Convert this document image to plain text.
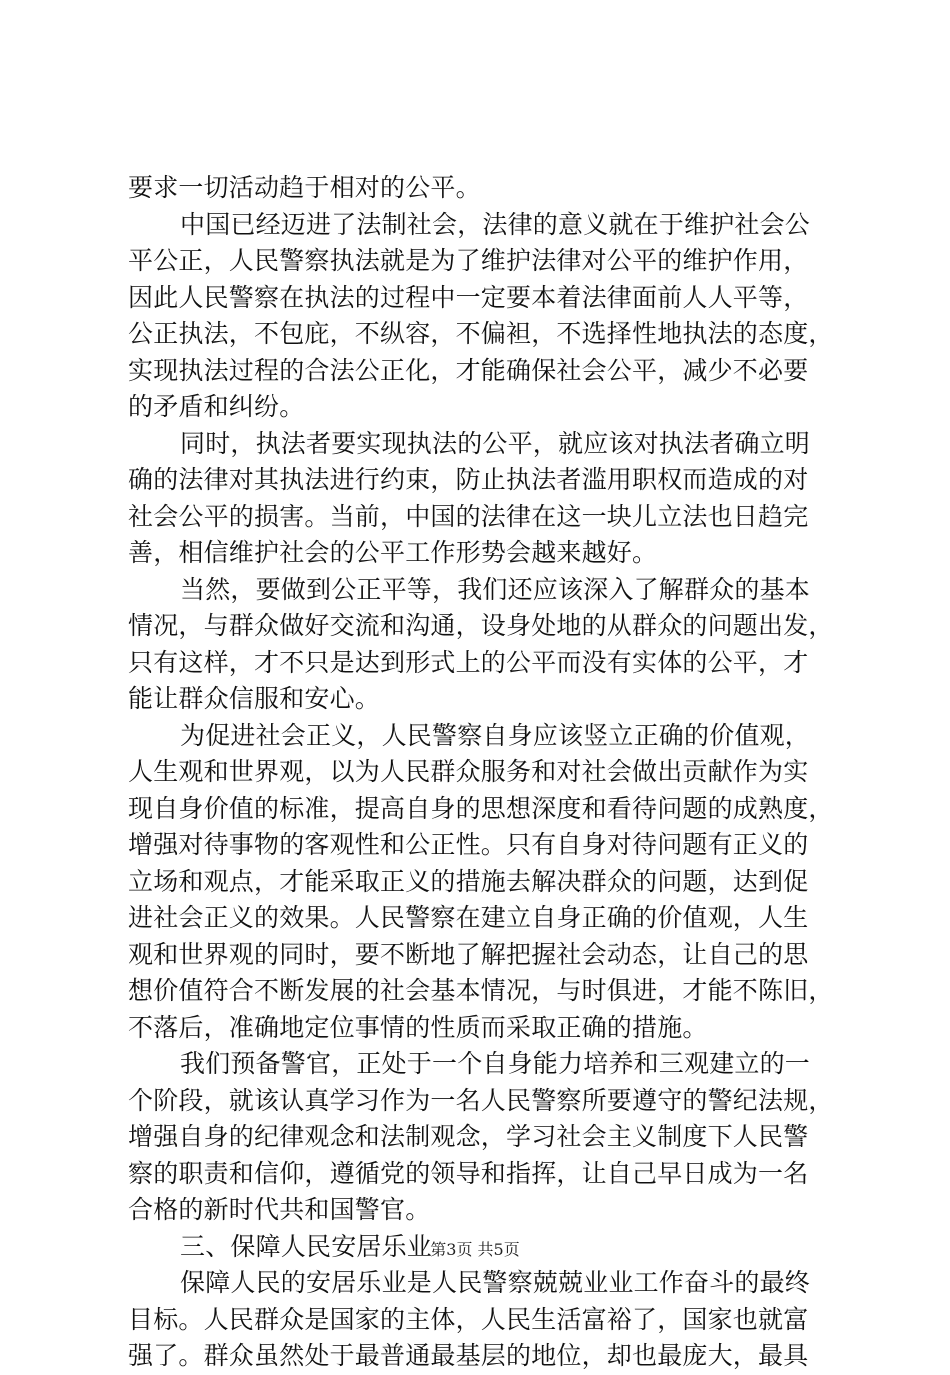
要求一切活动趋于相对的公平。
中国已经迈进了法制社会，法律的意义就在于维护社会公
平公正，人民警察执法就是为了维护法律对公平的维护作用，
因此人民警察在执法的过程中一定要本着法律面前人人平等，
公正执法，不包庇，不纵容，不偏袒，不选择性地执法的态度，
实现执法过程的合法公正化，才能确保社会公平，减少不必要
的矛盾和纠纷。
同时，执法者要实现执法的公平，就应该对执法者确立明
确的法律对其执法进行约束，防止执法者滥用职权而造成的对
社会公平的损害。当前，中国的法律在这一块儿立法也日趋完
善，相信维护社会的公平工作形势会越来越好。
当然，要做到公正平等，我们还应该深入了解群众的基本
情况，与群众做好交流和沟通，设身处地的从群众的问题出发，
只有这样，才不只是达到形式上的公平而没有实体的公平，才
能让群众信服和安心。
为促进社会正义，人民警察自身应该竖立正确的价值观，
人生观和世界观，以为人民群众服务和对社会做出贡献作为实
现自身价值的标准，提高自身的思想深度和看待问题的成熟度，
增强对待事物的客观性和公正性。只有自身对待问题有正义的
立场和观点，才能采取正义的措施去解决群众的问题，达到促
进社会正义的效果。人民警察在建立自身正确的价值观，人生
观和世界观的同时，要不断地了解把握社会动态，让自己的思
想价值符合不断发展的社会基本情况，与时俱进，才能不陈旧，
不落后，准确地定位事情的性质而采取正确的措施。
我们预备警官，正处于一个自身能力培养和三观建立的一
个阶段，就该认真学习作为一名人民警察所要遵守的警纪法规，
增强自身的纪律观念和法制观念，学习社会主义制度下人民警
察的职责和信仰，遵循党的领导和指挥，让自己早日成为一名
合格的新时代共和国警官。
三、保障人民安居乐业
保障人民的安居乐业是人民警察兢兢业业工作奋斗的最终
目标。人民群众是国家的主体，人民生活富裕了，国家也就富
强了。群众虽然处于最普通最基层的地位，却也最庞大，最具
第3页 共5页
